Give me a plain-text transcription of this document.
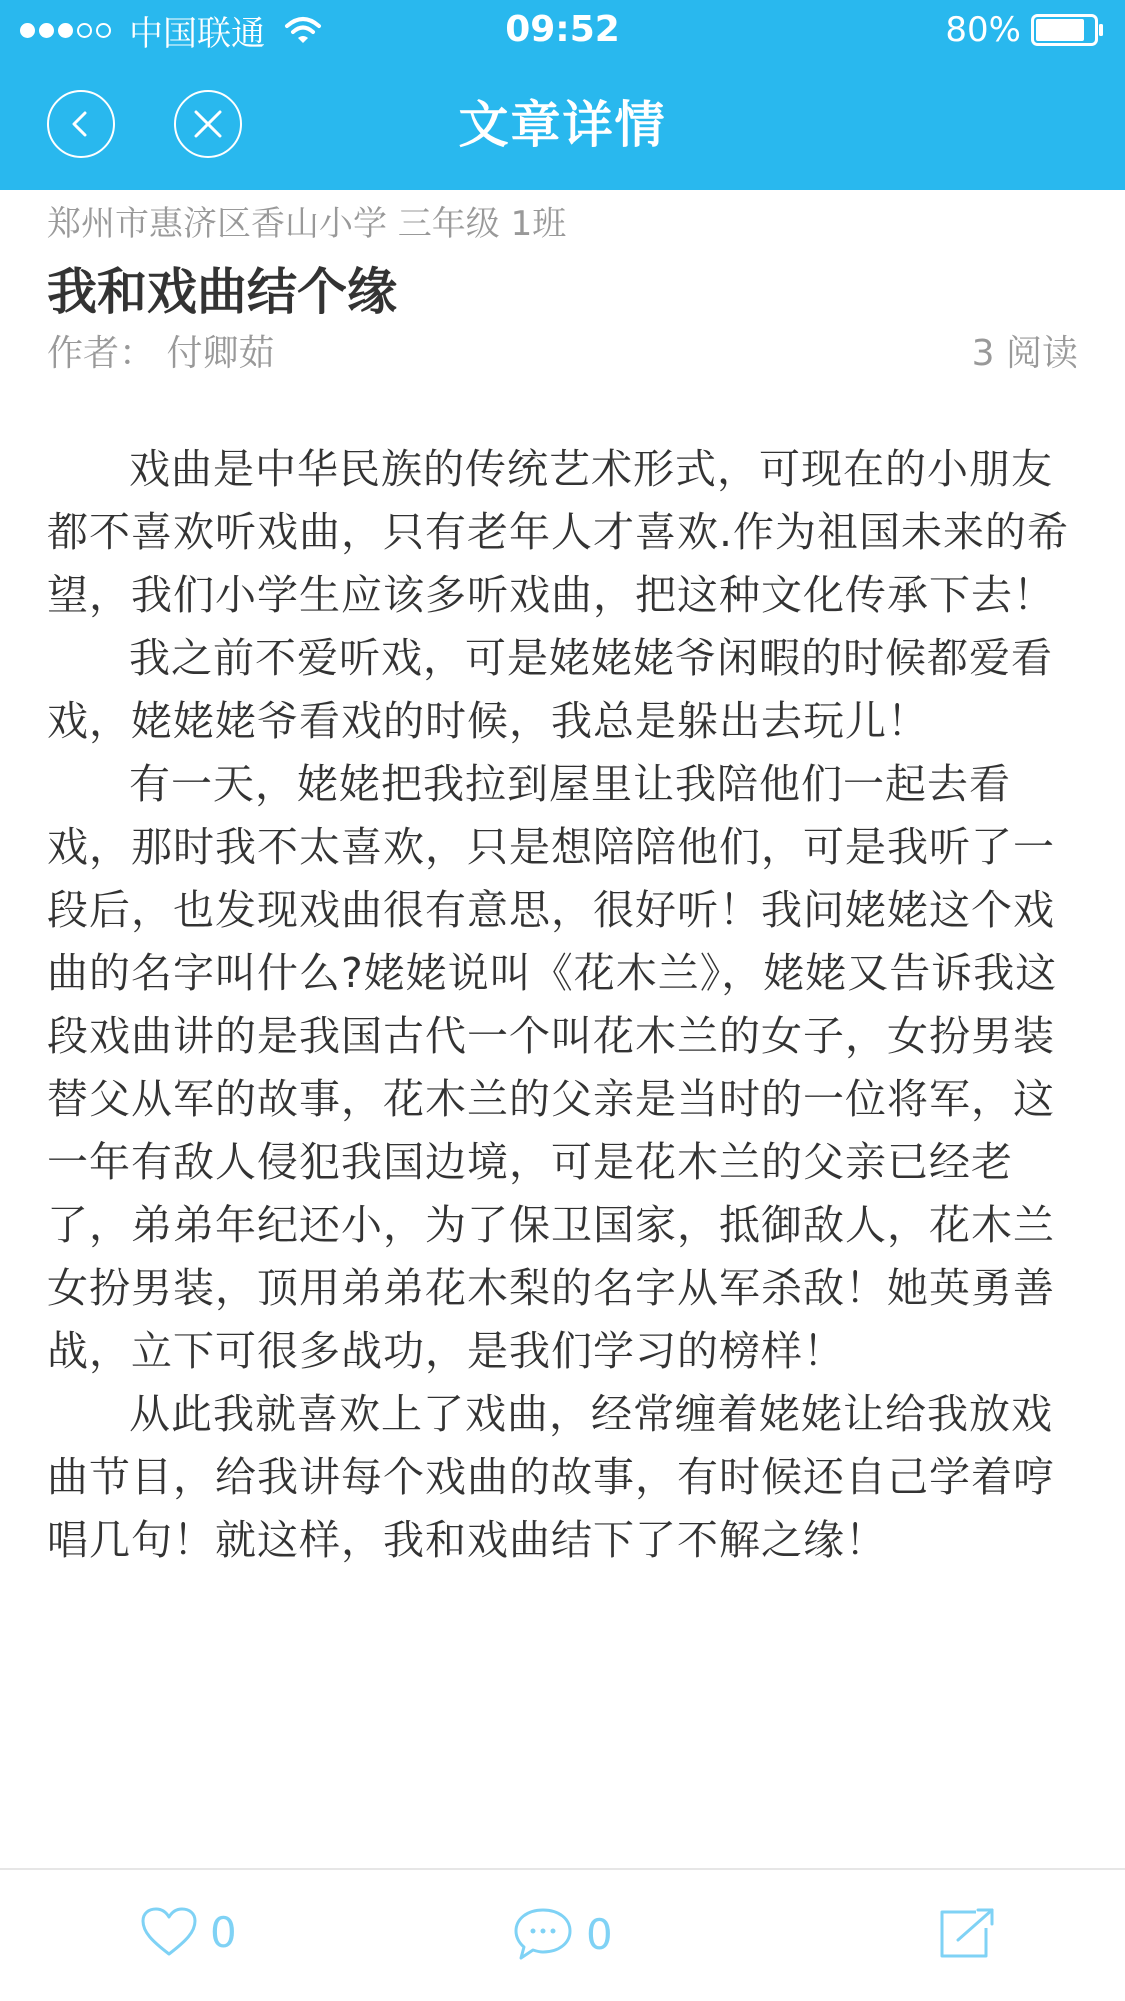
中国联通	09:52	80%
文章详情
郑州市惠济区香山小学 三年级 1班
我和戏曲结个缘
作者： 付卿茹	3 阅读

戏曲是中华民族的传统艺术形式，可现在的小朋友都不喜欢听戏曲，只有老年人才喜欢.作为祖国未来的希望，我们小学生应该多听戏曲，把这种文化传承下去！

我之前不爱听戏，可是姥姥姥爷闲暇的时候都爱看戏，姥姥姥爷看戏的时候，我总是躲出去玩儿！

有一天，姥姥把我拉到屋里让我陪他们一起去看戏，那时我不太喜欢，只是想陪陪他们，可是我听了一段后，也发现戏曲很有意思，很好听！我问姥姥这个戏曲的名字叫什么?姥姥说叫《花木兰》，姥姥又告诉我这段戏曲讲的是我国古代一个叫花木兰的女子，女扮男装替父从军的故事，花木兰的父亲是当时的一位将军，这一年有敌人侵犯我国边境，可是花木兰的父亲已经老了，弟弟年纪还小，为了保卫国家，抵御敌人，花木兰女扮男装，顶用弟弟花木梨的名字从军杀敌！她英勇善战，立下可很多战功，是我们学习的榜样！

从此我就喜欢上了戏曲，经常缠着姥姥让给我放戏曲节目，给我讲每个戏曲的故事，有时候还自己学着哼唱几句！就这样，我和戏曲结下了不解之缘！

0	0
